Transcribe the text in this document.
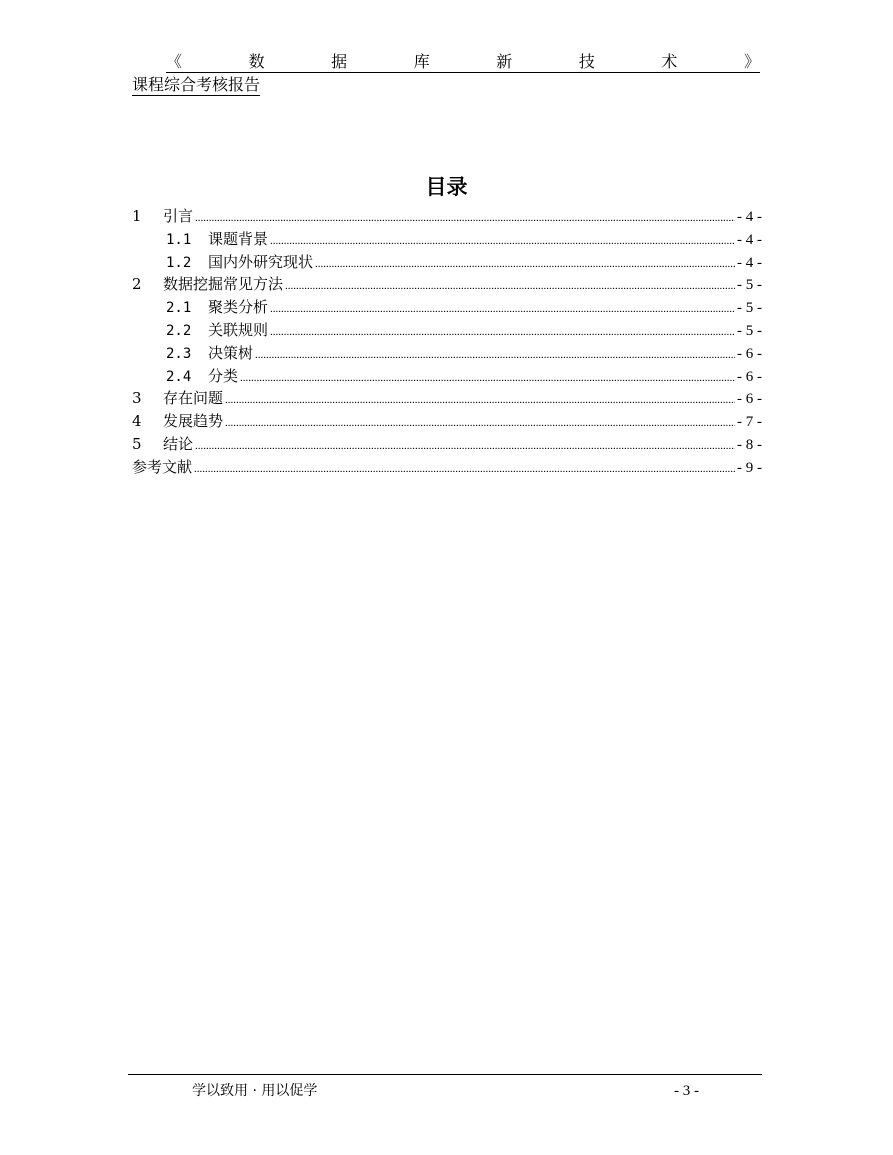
《	数	据	库	新	技	术	》
课程综合考核报告
目录
1	引言 .....	- 4 -
1.1	课题背景 .....	- 4 -
1.2	国内外研究现状 .....	- 4 -
2	数据挖掘常见方法 .....	- 5 -
2.1	聚类分析 .....	- 5 -
2.2	关联规则 .....	- 5 -
2.3	决策树 .....	- 6 -
2.4	分类 .....	- 6 -
3	存在问题 .....	- 6 -
4	发展趋势 .....	- 7 -
5	结论 .....	- 8 -
参考文献 .....	- 9 -
学以致用 · 用以促学	- 3 -
